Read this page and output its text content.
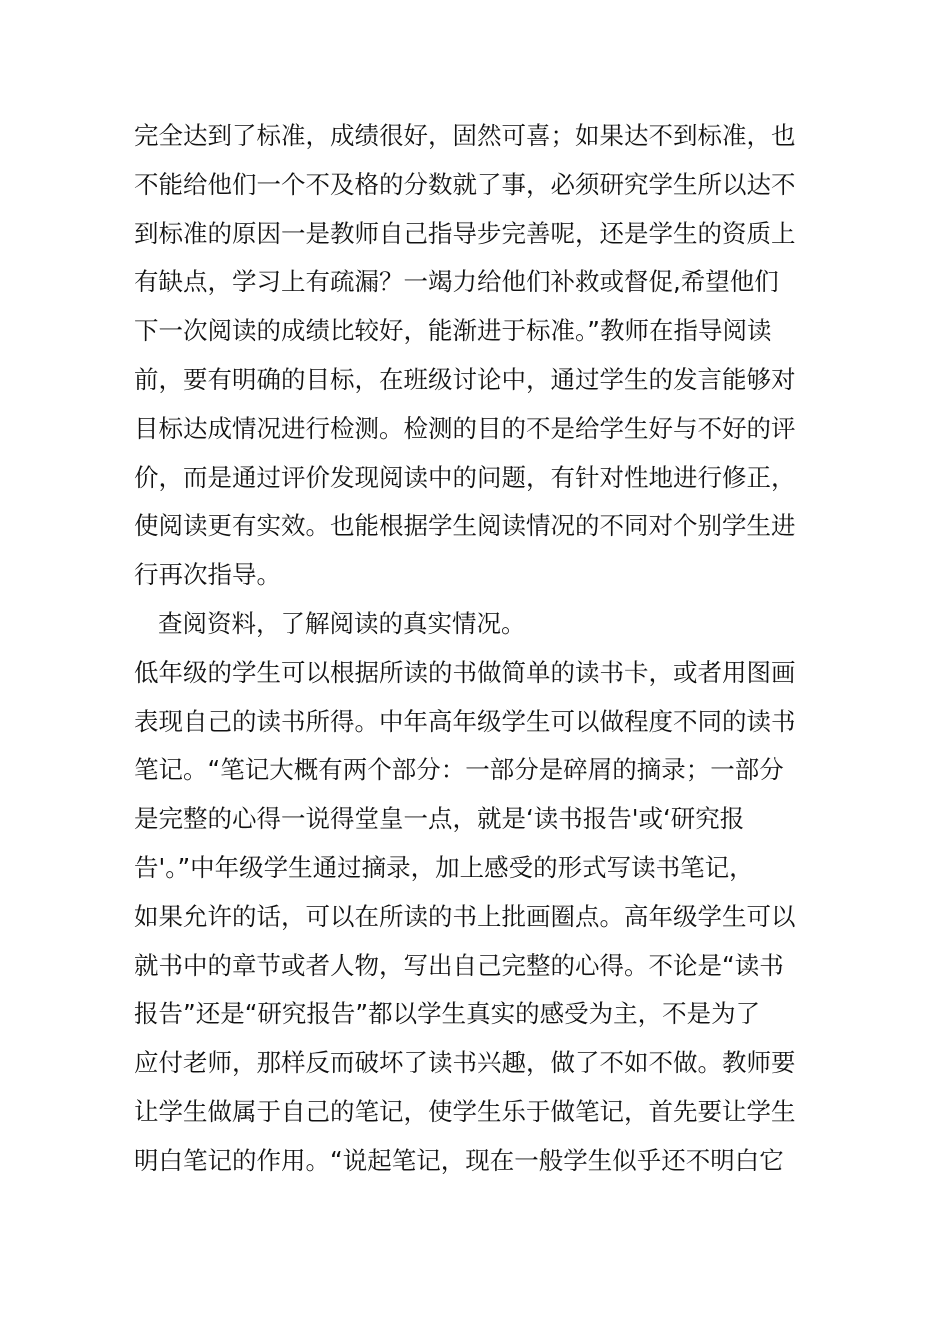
完全达到了标准，成绩很好，固然可喜；如果达不到标准，也
不能给他们一个不及格的分数就了事，必须研究学生所以达不
到标准的原因一是教师自己指导步完善呢，还是学生的资质上
有缺点，学习上有疏漏？一竭力给他们补救或督促,希望他们
下一次阅读的成绩比较好，能渐进于标准。”教师在指导阅读
前，要有明确的目标，在班级讨论中，通过学生的发言能够对
目标达成情况进行检测。检测的目的不是给学生好与不好的评
价，而是通过评价发现阅读中的问题，有针对性地进行修正，
使阅读更有实效。也能根据学生阅读情况的不同对个别学生进
行再次指导。
查阅资料，了解阅读的真实情况。
低年级的学生可以根据所读的书做简单的读书卡，或者用图画
表现自己的读书所得。中年高年级学生可以做程度不同的读书
笔记。“笔记大概有两个部分：一部分是碎屑的摘录；一部分
是完整的心得一说得堂皇一点，就是‘读书报告'或‘研究报
告'。”中年级学生通过摘录，加上感受的形式写读书笔记，
如果允许的话，可以在所读的书上批画圈点。高年级学生可以
就书中的章节或者人物，写出自己完整的心得。不论是“读书
报告”还是“研究报告”都以学生真实的感受为主，不是为了
应付老师，那样反而破坏了读书兴趣，做了不如不做。教师要
让学生做属于自己的笔记，使学生乐于做笔记，首先要让学生
明白笔记的作用。“说起笔记，现在一般学生似乎还不明白它
